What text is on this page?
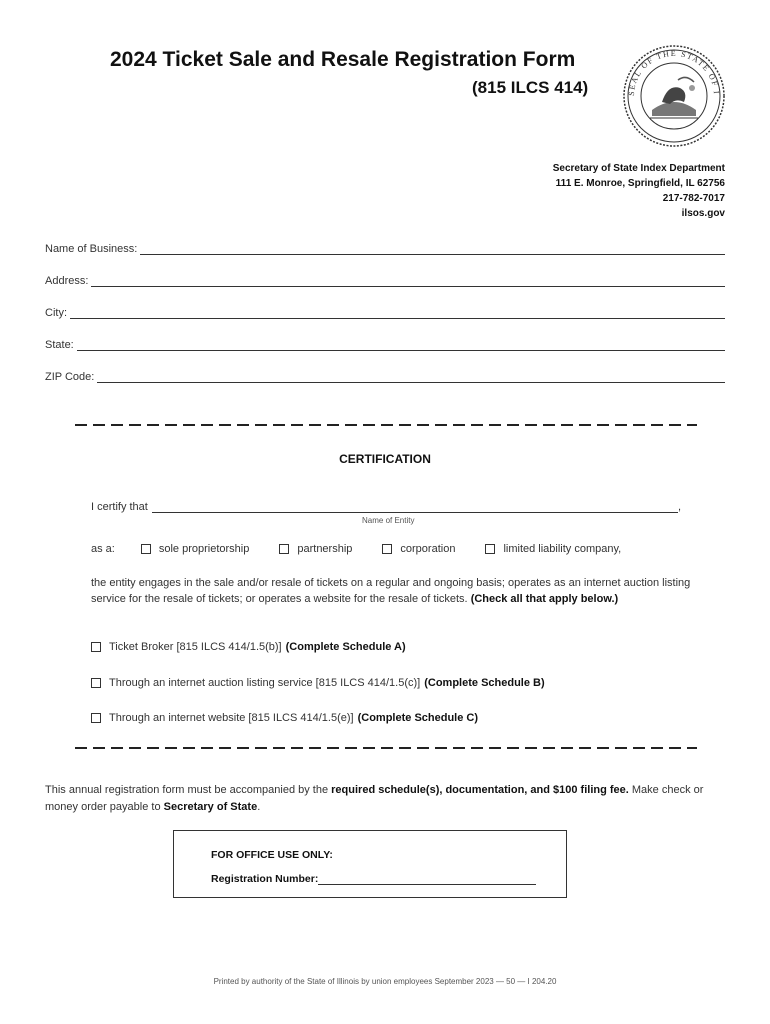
2024 Ticket Sale and Resale Registration Form
(815 ILCS 414)	SEAL OF THE STATE OF I
Secretary of State Index Department
111 E. Monroe, Springfield, IL 62756
217-782-7017
ilsos.gov
Name of Business:
Address:
City:
State:
ZIP Code:
CERTIFICATION
I certify that	,
Name of Entity
as a:	sole proprietorship	partnership	corporation	limited liability company,
the entity engages in the sale and/or resale of tickets on a regular and ongoing basis; operates as an internet auction listing service for the resale of tickets; or operates a website for the resale of tickets. (Check all that apply below.)
Ticket Broker [815 ILCS 414/1.5(b)] (Complete Schedule A)
Through an internet auction listing service [815 ILCS 414/1.5(c)] (Complete Schedule B)
Through an internet website [815 ILCS 414/1.5(e)] (Complete Schedule C)
This annual registration form must be accompanied by the required schedule(s), documentation, and $100 filing fee. Make check or money order payable to Secretary of State.
FOR OFFICE USE ONLY:
Registration Number:
Printed by authority of the State of Illinois by union employees September 2023 — 50 — I 204.20
